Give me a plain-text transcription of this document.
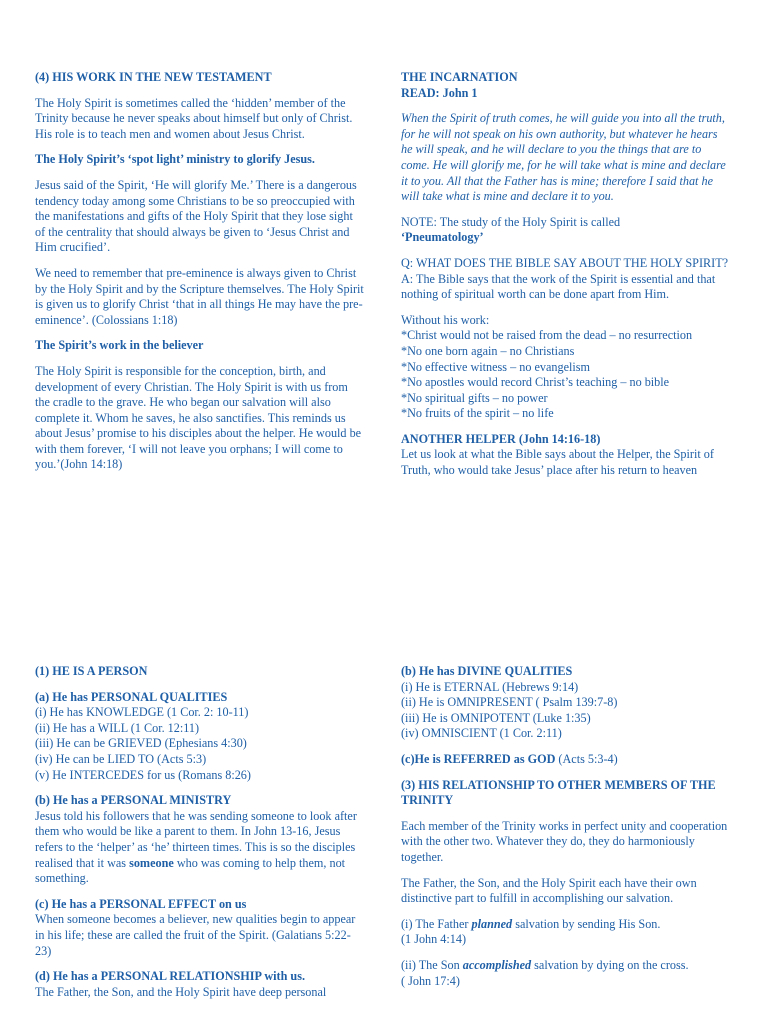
(4) HIS WORK IN THE NEW TESTAMENT

The Holy Spirit is sometimes called the ‘hidden’ member of the Trinity because he never speaks about himself but only of Christ. His role is to teach men and women about Jesus Christ.

The Holy Spirit’s ‘spot light’ ministry to glorify Jesus.

Jesus said of the Spirit, ‘He will glorify Me.’ There is a dangerous tendency today among some Christians to be so preoccupied with the manifestations and gifts of the Holy Spirit that they lose sight of the centrality that should always be given to ‘Jesus Christ and Him crucified’.

We need to remember that pre-eminence is always given to Christ by the Holy Spirit and by the Scripture themselves. The Holy Spirit is given us to glorify Christ ‘that in all things He may have the pre-eminence’. (Colossians 1:18)

The Spirit’s work in the believer

The Holy Spirit is responsible for the conception, birth, and development of every Christian. The Holy Spirit is with us from the cradle to the grave. He who began our salvation will also complete it. Whom he saves, he also sanctifies. This reminds us about Jesus’ promise to his disciples about the helper. He would be with them forever, ‘I will not leave you orphans; I will come to you.’(John 14:18)

THE INCARNATION

READ: John 1

When the Spirit of truth comes, he will guide you into all the truth, for he will not speak on his own authority, but whatever he hears he will speak, and he will declare to you the things that are to come. He will glorify me, for he will take what is mine and declare it to you. All that the Father has is mine; therefore I said that he will take what is mine and declare it to you.

NOTE: The study of the Holy Spirit is called
‘Pneumatology’

Q: WHAT DOES THE BIBLE SAY ABOUT THE HOLY SPIRIT?

A: The Bible says that the work of the Spirit is essential and that nothing of spiritual worth can be done apart from Him.

Without his work:

*Christ would not be raised from the dead – no resurrection

*No one born again – no Christians

*No effective witness – no evangelism

*No apostles would record Christ’s teaching – no bible

*No spiritual gifts – no power

*No fruits of the spirit – no life

ANOTHER HELPER (John 14:16-18)

Let us look at what the Bible says about the Helper, the Spirit of Truth, who would take Jesus’ place after his return to heaven

(1) HE IS A PERSON

(a) He has PERSONAL QUALITIES

(i) He has KNOWLEDGE (1 Cor. 2: 10-11)

(ii) He has a WILL (1 Cor. 12:11)

(iii) He can be GRIEVED (Ephesians 4:30)

(iv) He can be LIED TO (Acts 5:3)

(v) He INTERCEDES for us (Romans 8:26)

(b) He has a PERSONAL MINISTRY

Jesus told his followers that he was sending someone to look after them who would be like a parent to them. In John 13-16, Jesus refers to the ‘helper’ as ‘he’ thirteen times. This is so the disciples realised that it was someone who was coming to help them, not something.

(c) He has a PERSONAL EFFECT on us

When someone becomes a believer, new qualities begin to appear in his life; these are called the fruit of the Spirit. (Galatians 5:22-23)

(d) He has a PERSONAL RELATIONSHIP with us.

The Father, the Son, and the Holy Spirit have deep personal

(b) He has DIVINE QUALITIES

(i) He is ETERNAL (Hebrews 9:14)

(ii) He is OMNIPRESENT ( Psalm 139:7-8)

(iii) He is OMNIPOTENT (Luke 1:35)

(iv) OMNISCIENT (1 Cor. 2:11)

(c)He is REFERRED as GOD (Acts 5:3-4)

(3) HIS RELATIONSHIP TO OTHER MEMBERS OF THE TRINITY

Each member of the Trinity works in perfect unity and cooperation with the other two. Whatever they do, they do harmoniously together.

The Father, the Son, and the Holy Spirit each have their own distinctive part to fulfill in accomplishing our salvation.

(i) The Father planned salvation by sending His Son.

(1 John 4:14)

(ii) The Son accomplished salvation by dying on the cross.

( John 17:4)
